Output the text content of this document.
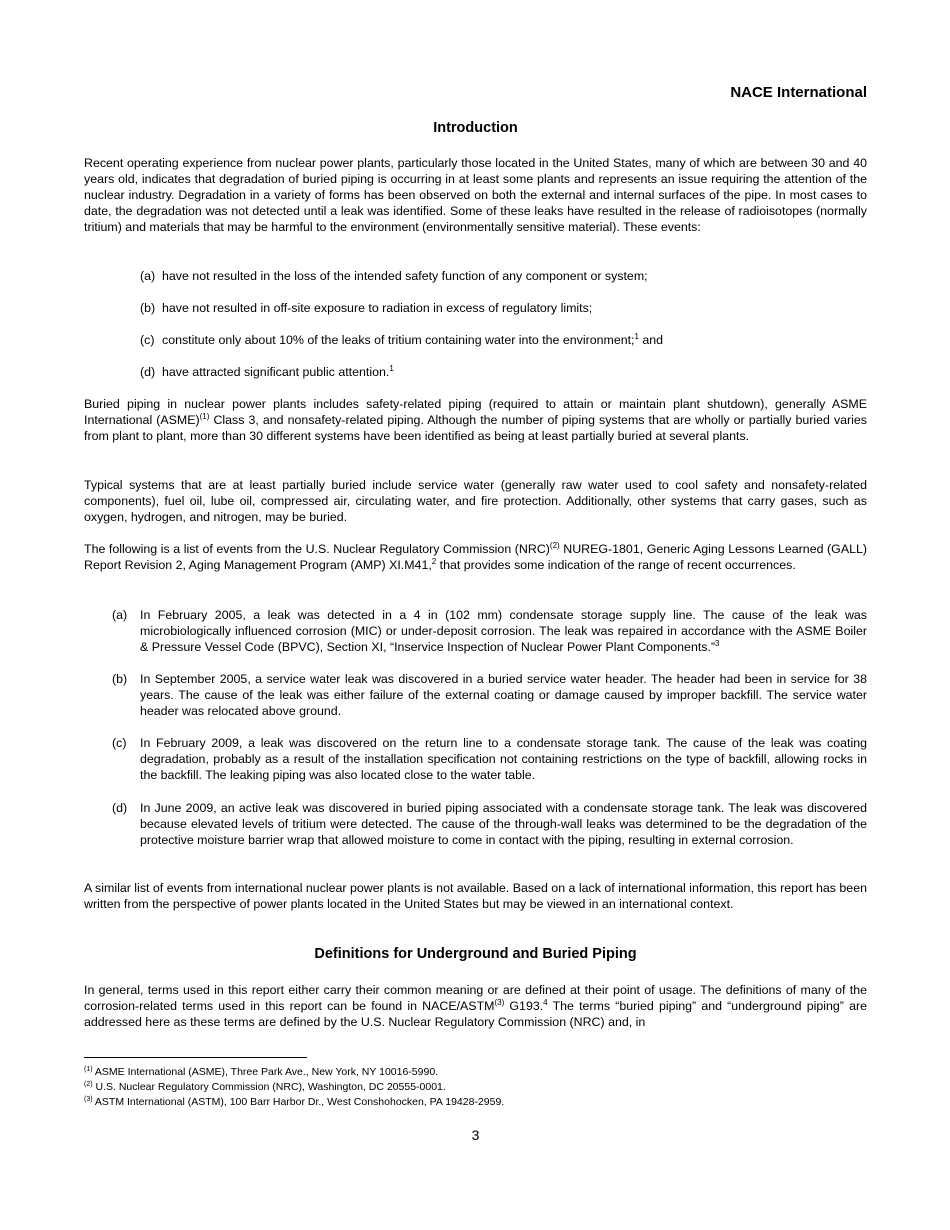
NACE International
Introduction

Recent operating experience from nuclear power plants, particularly those located in the United States, many of which are between 30 and 40 years old, indicates that degradation of buried piping is occurring in at least some plants and represents an issue requiring the attention of the nuclear industry. Degradation in a variety of forms has been observed on both the external and internal surfaces of the pipe. In most cases to date, the degradation was not detected until a leak was identified. Some of these leaks have resulted in the release of radioisotopes (normally tritium) and materials that may be harmful to the environment (environmentally sensitive material). These events:

(a) have not resulted in the loss of the intended safety function of any component or system;
(b) have not resulted in off-site exposure to radiation in excess of regulatory limits;
(c) constitute only about 10% of the leaks of tritium containing water into the environment;$^1$ and
(d) have attracted significant public attention.$^1$

Buried piping in nuclear power plants includes safety-related piping (required to attain or maintain plant shutdown), generally ASME International (ASME)$^{(1)}$ Class 3, and nonsafety-related piping. Although the number of piping systems that are wholly or partially buried varies from plant to plant, more than 30 different systems have been identified as being at least partially buried at several plants.

Typical systems that are at least partially buried include service water (generally raw water used to cool safety and nonsafety-related components), fuel oil, lube oil, compressed air, circulating water, and fire protection. Additionally, other systems that carry gases, such as oxygen, hydrogen, and nitrogen, may be buried.

The following is a list of events from the U.S. Nuclear Regulatory Commission (NRC)$^{(2)}$ NUREG-1801, Generic Aging Lessons Learned (GALL) Report Revision 2, Aging Management Program (AMP) XI.M41,$^2$ that provides some indication of the range of recent occurrences.

(a) In February 2005, a leak was detected in a 4 in (102 mm) condensate storage supply line. The cause of the leak was microbiologically influenced corrosion (MIC) or under-deposit corrosion. The leak was repaired in accordance with the ASME Boiler & Pressure Vessel Code (BPVC), Section XI, “Inservice Inspection of Nuclear Power Plant Components.”$^3$
(b) In September 2005, a service water leak was discovered in a buried service water header. The header had been in service for 38 years. The cause of the leak was either failure of the external coating or damage caused by improper backfill. The service water header was relocated above ground.
(c) In February 2009, a leak was discovered on the return line to a condensate storage tank. The cause of the leak was coating degradation, probably as a result of the installation specification not containing restrictions on the type of backfill, allowing rocks in the backfill. The leaking piping was also located close to the water table.
(d) In June 2009, an active leak was discovered in buried piping associated with a condensate storage tank. The leak was discovered because elevated levels of tritium were detected. The cause of the through-wall leaks was determined to be the degradation of the protective moisture barrier wrap that allowed moisture to come in contact with the piping, resulting in external corrosion.

A similar list of events from international nuclear power plants is not available. Based on a lack of international information, this report has been written from the perspective of power plants located in the United States but may be viewed in an international context.

Definitions for Underground and Buried Piping

In general, terms used in this report either carry their common meaning or are defined at their point of usage. The definitions of many of the corrosion-related terms used in this report can be found in NACE/ASTM$^{(3)}$ G193.$^4$ The terms “buried piping” and “underground piping” are addressed here as these terms are defined by the U.S. Nuclear Regulatory Commission (NRC) and, in

$^{(1)}$ ASME International (ASME), Three Park Ave., New York, NY 10016-5990.
$^{(2)}$ U.S. Nuclear Regulatory Commission (NRC), Washington, DC 20555-0001.
$^{(3)}$ ASTM International (ASTM), 100 Barr Harbor Dr., West Conshohocken, PA 19428-2959.
3
